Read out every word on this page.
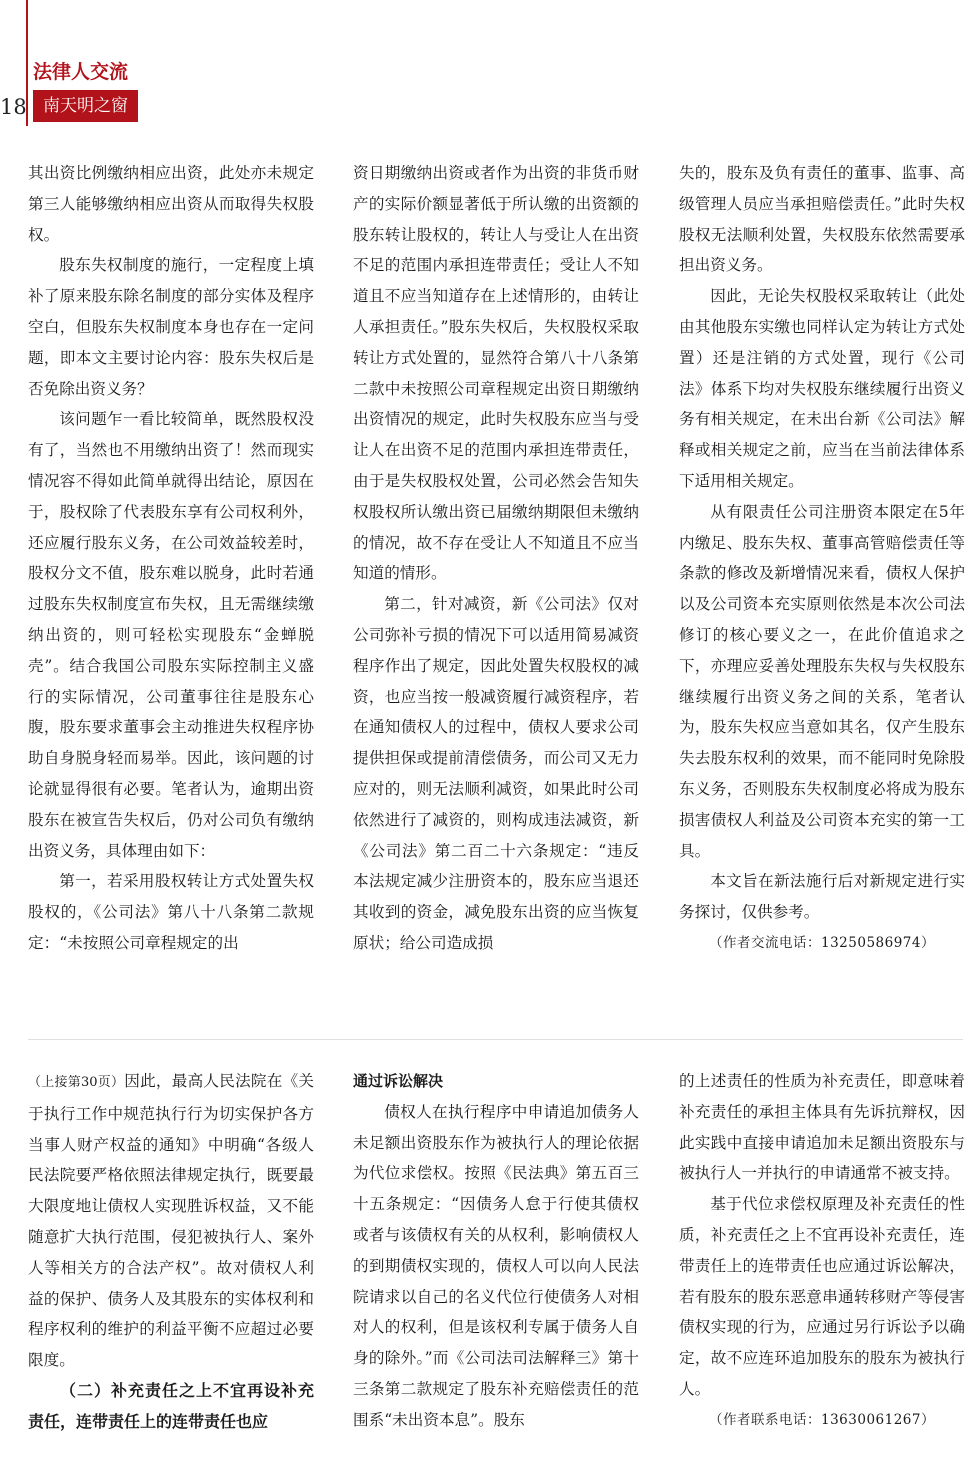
18
法律人交流
南天明之窗

其出资比例缴纳相应出资，此处亦未规定第三人能够缴纳相应出资从而取得失权股权。

股东失权制度的施行，一定程度上填补了原来股东除名制度的部分实体及程序空白，但股东失权制度本身也存在一定问题，即本文主要讨论内容：股东失权后是否免除出资义务？

该问题乍一看比较简单，既然股权没有了，当然也不用缴纳出资了！然而现实情况容不得如此简单就得出结论，原因在于，股权除了代表股东享有公司权利外，还应履行股东义务，在公司效益较差时，股权分文不值，股东难以脱身，此时若通过股东失权制度宣布失权，且无需继续缴纳出资的，则可轻松实现股东“金蝉脱壳”。结合我国公司股东实际控制主义盛行的实际情况，公司董事往往是股东心腹，股东要求董事会主动推进失权程序协助自身脱身轻而易举。因此，该问题的讨论就显得很有必要。笔者认为，逾期出资股东在被宣告失权后，仍对公司负有缴纳出资义务，具体理由如下：

第一，若采用股权转让方式处置失权股权的，《公司法》第八十八条第二款规定：“未按照公司章程规定的出

资日期缴纳出资或者作为出资的非货币财产的实际价额显著低于所认缴的出资额的股东转让股权的，转让人与受让人在出资不足的范围内承担连带责任；受让人不知道且不应当知道存在上述情形的，由转让人承担责任。”股东失权后，失权股权采取转让方式处置的，显然符合第八十八条第二款中未按照公司章程规定出资日期缴纳出资情况的规定，此时失权股东应当与受让人在出资不足的范围内承担连带责任，由于是失权股权处置，公司必然会告知失权股权所认缴出资已届缴纳期限但未缴纳的情况，故不存在受让人不知道且不应当知道的情形。

第二，针对减资，新《公司法》仅对公司弥补亏损的情况下可以适用简易减资程序作出了规定，因此处置失权股权的减资，也应当按一般减资履行减资程序，若在通知债权人的过程中，债权人要求公司提供担保或提前清偿债务，而公司又无力应对的，则无法顺利减资，如果此时公司依然进行了减资的，则构成违法减资，新《公司法》第二百二十六条规定：“违反本法规定减少注册资本的，股东应当退还其收到的资金，减免股东出资的应当恢复原状；给公司造成损

失的，股东及负有责任的董事、监事、高级管理人员应当承担赔偿责任。”此时失权股权无法顺利处置，失权股东依然需要承担出资义务。

因此，无论失权股权采取转让（此处由其他股东实缴也同样认定为转让方式处置）还是注销的方式处置，现行《公司法》体系下均对失权股东继续履行出资义务有相关规定，在未出台新《公司法》解释或相关规定之前，应当在当前法律体系下适用相关规定。

从有限责任公司注册资本限定在5年内缴足、股东失权、董事高管赔偿责任等条款的修改及新增情况来看，债权人保护以及公司资本充实原则依然是本次公司法修订的核心要义之一，在此价值追求之下，亦理应妥善处理股东失权与失权股东继续履行出资义务之间的关系，笔者认为，股东失权应当意如其名，仅产生股东失去股东权利的效果，而不能同时免除股东义务，否则股东失权制度必将成为股东损害债权人利益及公司资本充实的第一工具。

本文旨在新法施行后对新规定进行实务探讨，仅供参考。

（作者交流电话：13250586974）

（上接第30页）因此，最高人民法院在《关于执行工作中规范执行行为切实保护各方当事人财产权益的通知》中明确“各级人民法院要严格依照法律规定执行，既要最大限度地让债权人实现胜诉权益，又不能随意扩大执行范围，侵犯被执行人、案外人等相关方的合法产权”。故对债权人利益的保护、债务人及其股东的实体权利和程序权利的维护的利益平衡不应超过必要限度。

（二）补充责任之上不宜再设补充责任，连带责任上的连带责任也应

通过诉讼解决

债权人在执行程序中申请追加债务人未足额出资股东作为被执行人的理论依据为代位求偿权。按照《民法典》第五百三十五条规定：“因债务人怠于行使其债权或者与该债权有关的从权利，影响债权人的到期债权实现的，债权人可以向人民法院请求以自己的名义代位行使债务人对相对人的权利，但是该权利专属于债务人自身的除外。”而《公司法司法解释三》第十三条第二款规定了股东补充赔偿责任的范围系“未出资本息”。股东

的上述责任的性质为补充责任，即意味着补充责任的承担主体具有先诉抗辩权，因此实践中直接申请追加未足额出资股东与被执行人一并执行的申请通常不被支持。

基于代位求偿权原理及补充责任的性质，补充责任之上不宜再设补充责任，连带责任上的连带责任也应通过诉讼解决，若有股东的股东恶意串通转移财产等侵害债权实现的行为，应通过另行诉讼予以确定，故不应连环追加股东的股东为被执行人。

（作者联系电话：13630061267）
